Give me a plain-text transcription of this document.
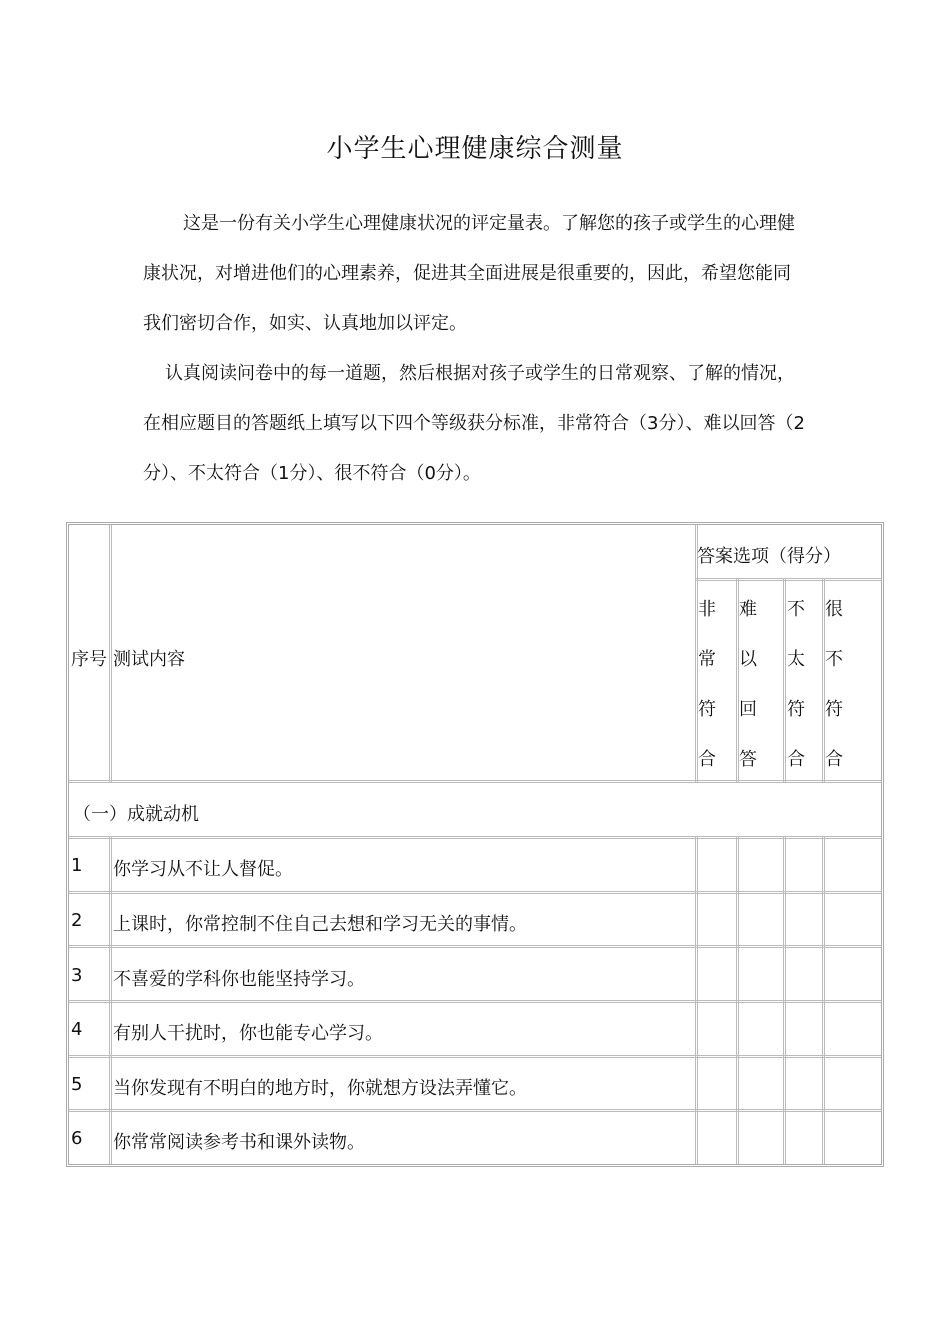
小学生心理健康综合测量
这是一份有关小学生心理健康状况的评定量表。了解您的孩子或学生的心理健康状况，对增进他们的心理素养，促进其全面进展是很重要的，因此，希望您能同我们密切合作，如实、认真地加以评定。
认真阅读问卷中的每一道题，然后根据对孩子或学生的日常观察、了解的情况，在相应题目的答题纸上填写以下四个等级获分标准，非常符合（3分）、难以回答（2分）、不太符合（1分）、很不符合（0分）。
序号 测试内容
答案选项（得分）
非常符合
难以回答
不太符合
很不符合
（一）成就动机
1 你学习从不让人督促。
2 上课时，你常控制不住自己去想和学习无关的事情。
3 不喜爱的学科你也能坚持学习。
4 有别人干扰时，你也能专心学习。
5 当你发现有不明白的地方时，你就想方设法弄懂它。
6 你常常阅读参考书和课外读物。
